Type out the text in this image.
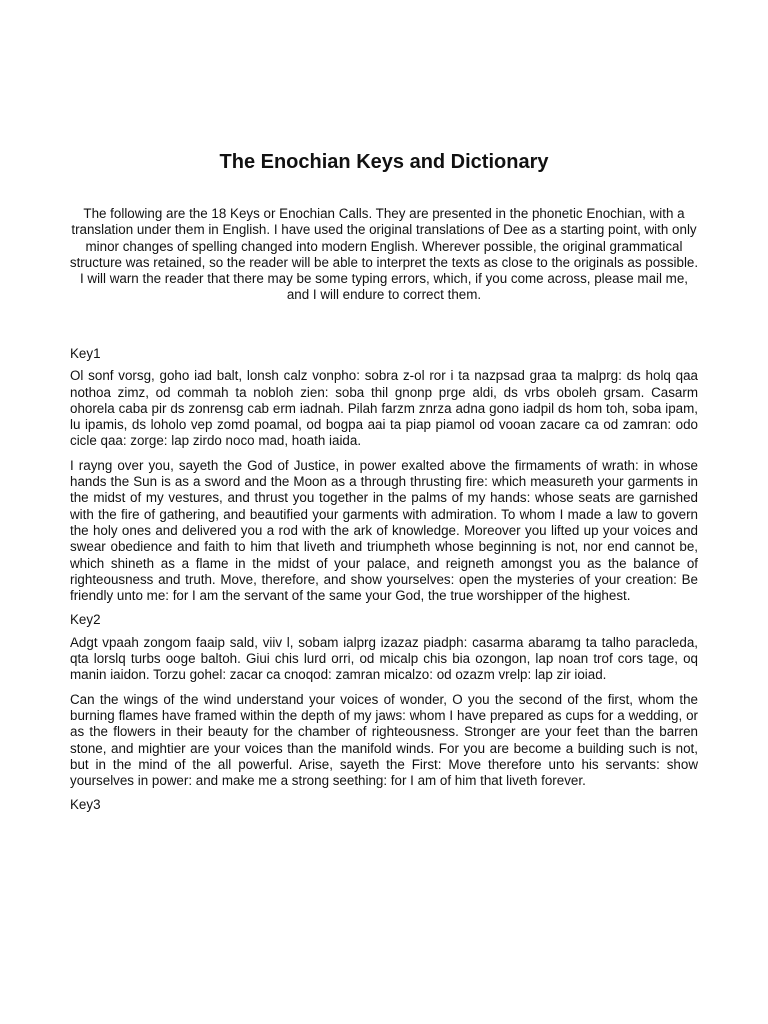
The Enochian Keys and Dictionary

The following are the 18 Keys or Enochian Calls. They are presented in the phonetic Enochian, with a translation under them in English. I have used the original translations of Dee as a starting point, with only minor changes of spelling changed into modern English. Wherever possible, the original grammatical structure was retained, so the reader will be able to interpret the texts as close to the originals as possible. I will warn the reader that there may be some typing errors, which, if you come across, please mail me, and I will endure to correct them.

Key1

Ol sonf vorsg, goho iad balt, lonsh calz vonpho: sobra z-ol ror i ta nazpsad graa ta malprg: ds holq qaa nothoa zimz, od commah ta nobloh zien: soba thil gnonp prge aldi, ds vrbs oboleh grsam. Casarm ohorela caba pir ds zonrensg cab erm iadnah. Pilah farzm znrza adna gono iadpil ds hom toh, soba ipam, lu ipamis, ds loholo vep zomd poamal, od bogpa aai ta piap piamol od vooan zacare ca od zamran: odo cicle qaa: zorge: lap zirdo noco mad, hoath iaida.

I rayng over you, sayeth the God of Justice, in power exalted above the firmaments of wrath: in whose hands the Sun is as a sword and the Moon as a through thrusting fire: which measureth your garments in the midst of my vestures, and thrust you together in the palms of my hands: whose seats are garnished with the fire of gathering, and beautified your garments with admiration. To whom I made a law to govern the holy ones and delivered you a rod with the ark of knowledge. Moreover you lifted up your voices and swear obedience and faith to him that liveth and triumpheth whose beginning is not, nor end cannot be, which shineth as a flame in the midst of your palace, and reigneth amongst you as the balance of righteousness and truth. Move, therefore, and show yourselves: open the mysteries of your creation: Be friendly unto me: for I am the servant of the same your God, the true worshipper of the highest.

Key2

Adgt vpaah zongom faaip sald, viiv l, sobam ialprg izazaz piadph: casarma abaramg ta talho paracleda, qta lorslq turbs ooge baltoh. Giui chis lurd orri, od micalp chis bia ozongon, lap noan trof cors tage, oq manin iaidon. Torzu gohel: zacar ca cnoqod: zamran micalzo: od ozazm vrelp: lap zir ioiad.

Can the wings of the wind understand your voices of wonder, O you the second of the first, whom the burning flames have framed within the depth of my jaws: whom I have prepared as cups for a wedding, or as the flowers in their beauty for the chamber of righteousness. Stronger are your feet than the barren stone, and mightier are your voices than the manifold winds. For you are become a building such is not, but in the mind of the all powerful. Arise, sayeth the First: Move therefore unto his servants: show yourselves in power: and make me a strong seething: for I am of him that liveth forever.

Key3
